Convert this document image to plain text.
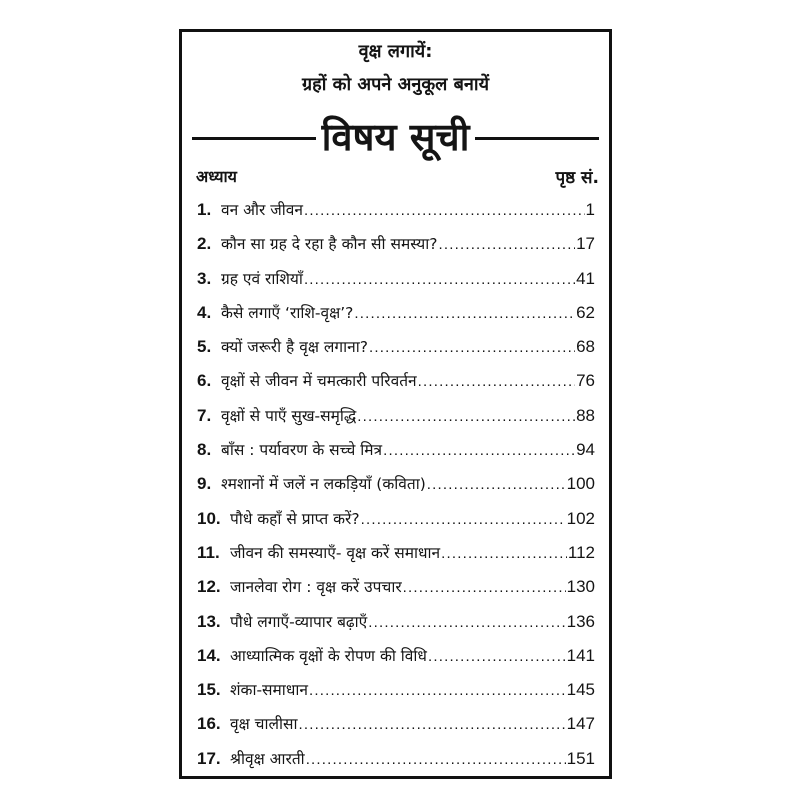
वृक्ष लगायें:
ग्रहों को अपने अनुकूल बनायें
विषय सूची
अध्याय	पृष्ठ सं.
1. वन और जीवन .....	1
2. कौन सा ग्रह दे रहा है कौन सी समस्या? .....	17
3. ग्रह एवं राशियाँ .....	41
4. कैसे लगाएँ ‘राशि-वृक्ष’? .....	62
5. क्यों जरूरी है वृक्ष लगाना? .....	68
6. वृक्षों से जीवन में चमत्कारी परिवर्तन .....	76
7. वृक्षों से पाएँ सुख-समृद्धि .....	88
8. बाँस : पर्यावरण के सच्चे मित्र .....	94
9. श्मशानों में जलें न लकड़ियाँ (कविता) .....	100
10. पौधे कहाँ से प्राप्त करें? .....	102
11. जीवन की समस्याएँ- वृक्ष करें समाधान .....	112
12. जानलेवा रोग : वृक्ष करें उपचार .....	130
13. पौधे लगाएँ-व्यापार बढ़ाएँ .....	136
14. आध्यात्मिक वृक्षों के रोपण की विधि .....	141
15. शंका-समाधान .....	145
16. वृक्ष चालीसा .....	147
17. श्रीवृक्ष आरती .....	151
